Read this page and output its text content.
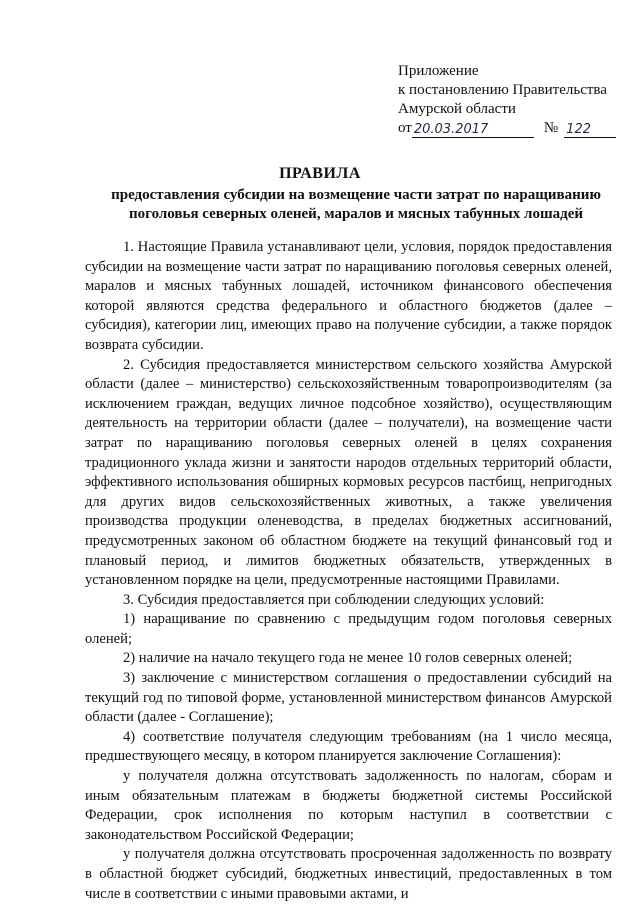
Приложение
к постановлению Правительства
Амурской области
от 20.03.2017	№ 122
ПРАВИЛА
предоставления субсидии на возмещение части затрат по наращиванию поголовья северных оленей, маралов и мясных табунных лошадей

1. Настоящие Правила устанавливают цели, условия, порядок предоставления субсидии на возмещение части затрат по наращиванию поголовья северных оленей, маралов и мясных табунных лошадей, источником финансового обеспечения которой являются средства федерального и областного бюджетов (далее – субсидия), категории лиц, имеющих право на получение субсидии, а также порядок возврата субсидии.

2. Субсидия предоставляется министерством сельского хозяйства Амурской области (далее – министерство) сельскохозяйственным товаропроизводителям (за исключением граждан, ведущих личное подсобное хозяйство), осуществляющим деятельность на территории области (далее – получатели), на возмещение части затрат по наращиванию поголовья северных оленей в целях сохранения традиционного уклада жизни и занятости народов отдельных территорий области, эффективного использования обширных кормовых ресурсов пастбищ, непригодных для других видов сельскохозяйственных животных, а также увеличения производства продукции оленеводства, в пределах бюджетных ассигнований, предусмотренных законом об областном бюджете на текущий финансовый год и плановый период, и лимитов бюджетных обязательств, утвержденных в установленном порядке на цели, предусмотренные настоящими Правилами.

3. Субсидия предоставляется при соблюдении следующих условий:

1) наращивание по сравнению с предыдущим годом поголовья северных оленей;

2) наличие на начало текущего года не менее 10 голов северных оленей;

3) заключение с министерством соглашения о предоставлении субсидий на текущий год по типовой форме, установленной министерством финансов Амурской области (далее - Соглашение);

4) соответствие получателя следующим требованиям (на 1 число месяца, предшествующего месяцу, в котором планируется заключение Соглашения):

у получателя должна отсутствовать задолженность по налогам, сборам и иным обязательным платежам в бюджеты бюджетной системы Российской Федерации, срок исполнения по которым наступил в соответствии с законодательством Российской Федерации;

у получателя должна отсутствовать просроченная задолженность по возврату в областной бюджет субсидий, бюджетных инвестиций, предоставленных в том числе в соответствии с иными правовыми актами, и
